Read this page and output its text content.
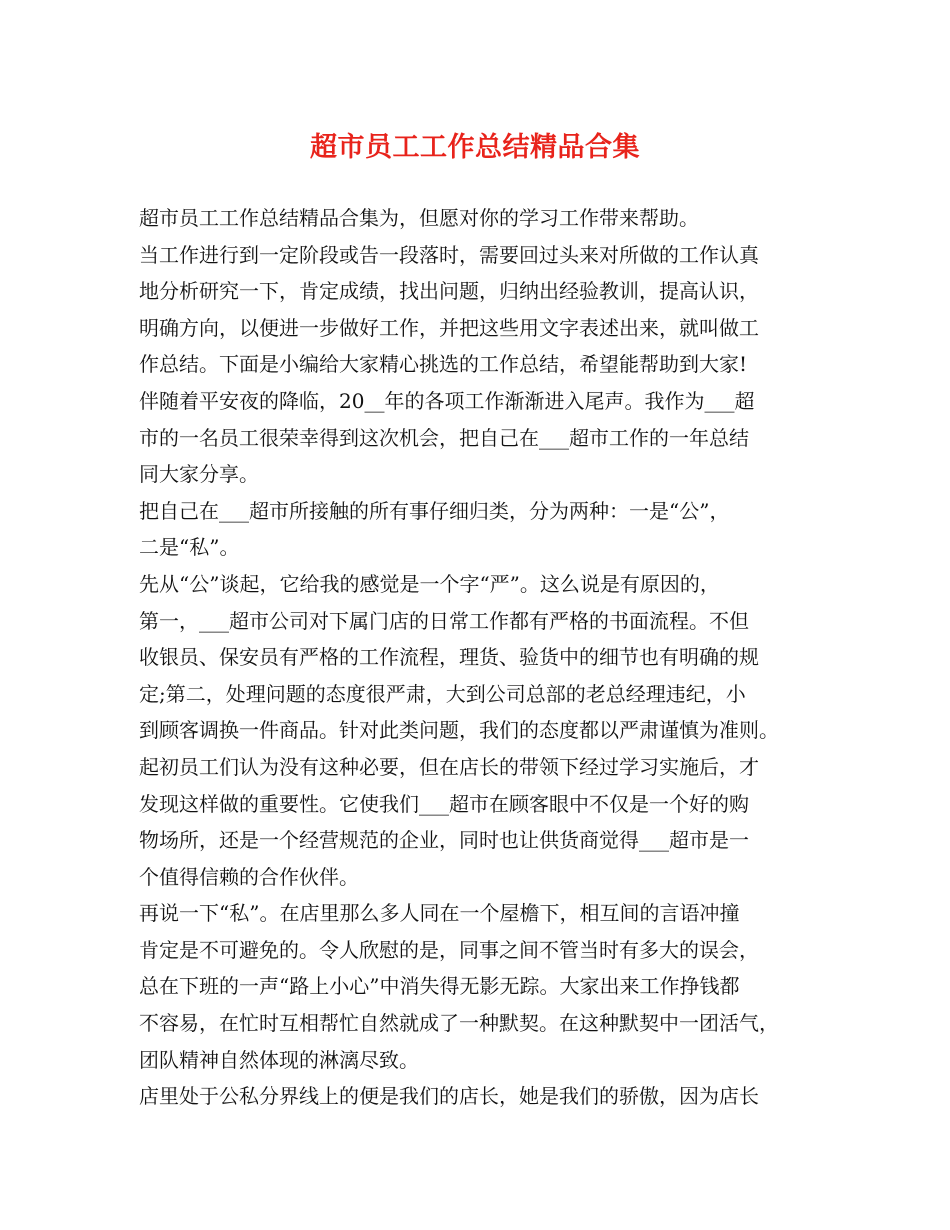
超市员工工作总结精品合集
超市员工工作总结精品合集为，但愿对你的学习工作带来帮助。
当工作进行到一定阶段或告一段落时，需要回过头来对所做的工作认真
地分析研究一下，肯定成绩，找出问题，归纳出经验教训，提高认识，
明确方向，以便进一步做好工作，并把这些用文字表述出来，就叫做工
作总结。下面是小编给大家精心挑选的工作总结，希望能帮助到大家!
伴随着平安夜的降临，20__年的各项工作渐渐进入尾声。我作为___超
市的一名员工很荣幸得到这次机会，把自己在___超市工作的一年总结
同大家分享。
把自己在___超市所接触的所有事仔细归类，分为两种：一是“公”，
二是“私”。
先从“公”谈起，它给我的感觉是一个字“严”。这么说是有原因的，
第一，___超市公司对下属门店的日常工作都有严格的书面流程。不但
收银员、保安员有严格的工作流程，理货、验货中的细节也有明确的规
定;第二，处理问题的态度很严肃，大到公司总部的老总经理违纪，小
到顾客调换一件商品。针对此类问题，我们的态度都以严肃谨慎为准则。
起初员工们认为没有这种必要，但在店长的带领下经过学习实施后，才
发现这样做的重要性。它使我们___超市在顾客眼中不仅是一个好的购
物场所，还是一个经营规范的企业，同时也让供货商觉得___超市是一
个值得信赖的合作伙伴。
再说一下“私”。在店里那么多人同在一个屋檐下，相互间的言语冲撞
肯定是不可避免的。令人欣慰的是，同事之间不管当时有多大的误会，
总在下班的一声“路上小心”中消失得无影无踪。大家出来工作挣钱都
不容易，在忙时互相帮忙自然就成了一种默契。在这种默契中一团活气，
团队精神自然体现的淋漓尽致。
店里处于公私分界线上的便是我们的店长，她是我们的骄傲，因为店长
